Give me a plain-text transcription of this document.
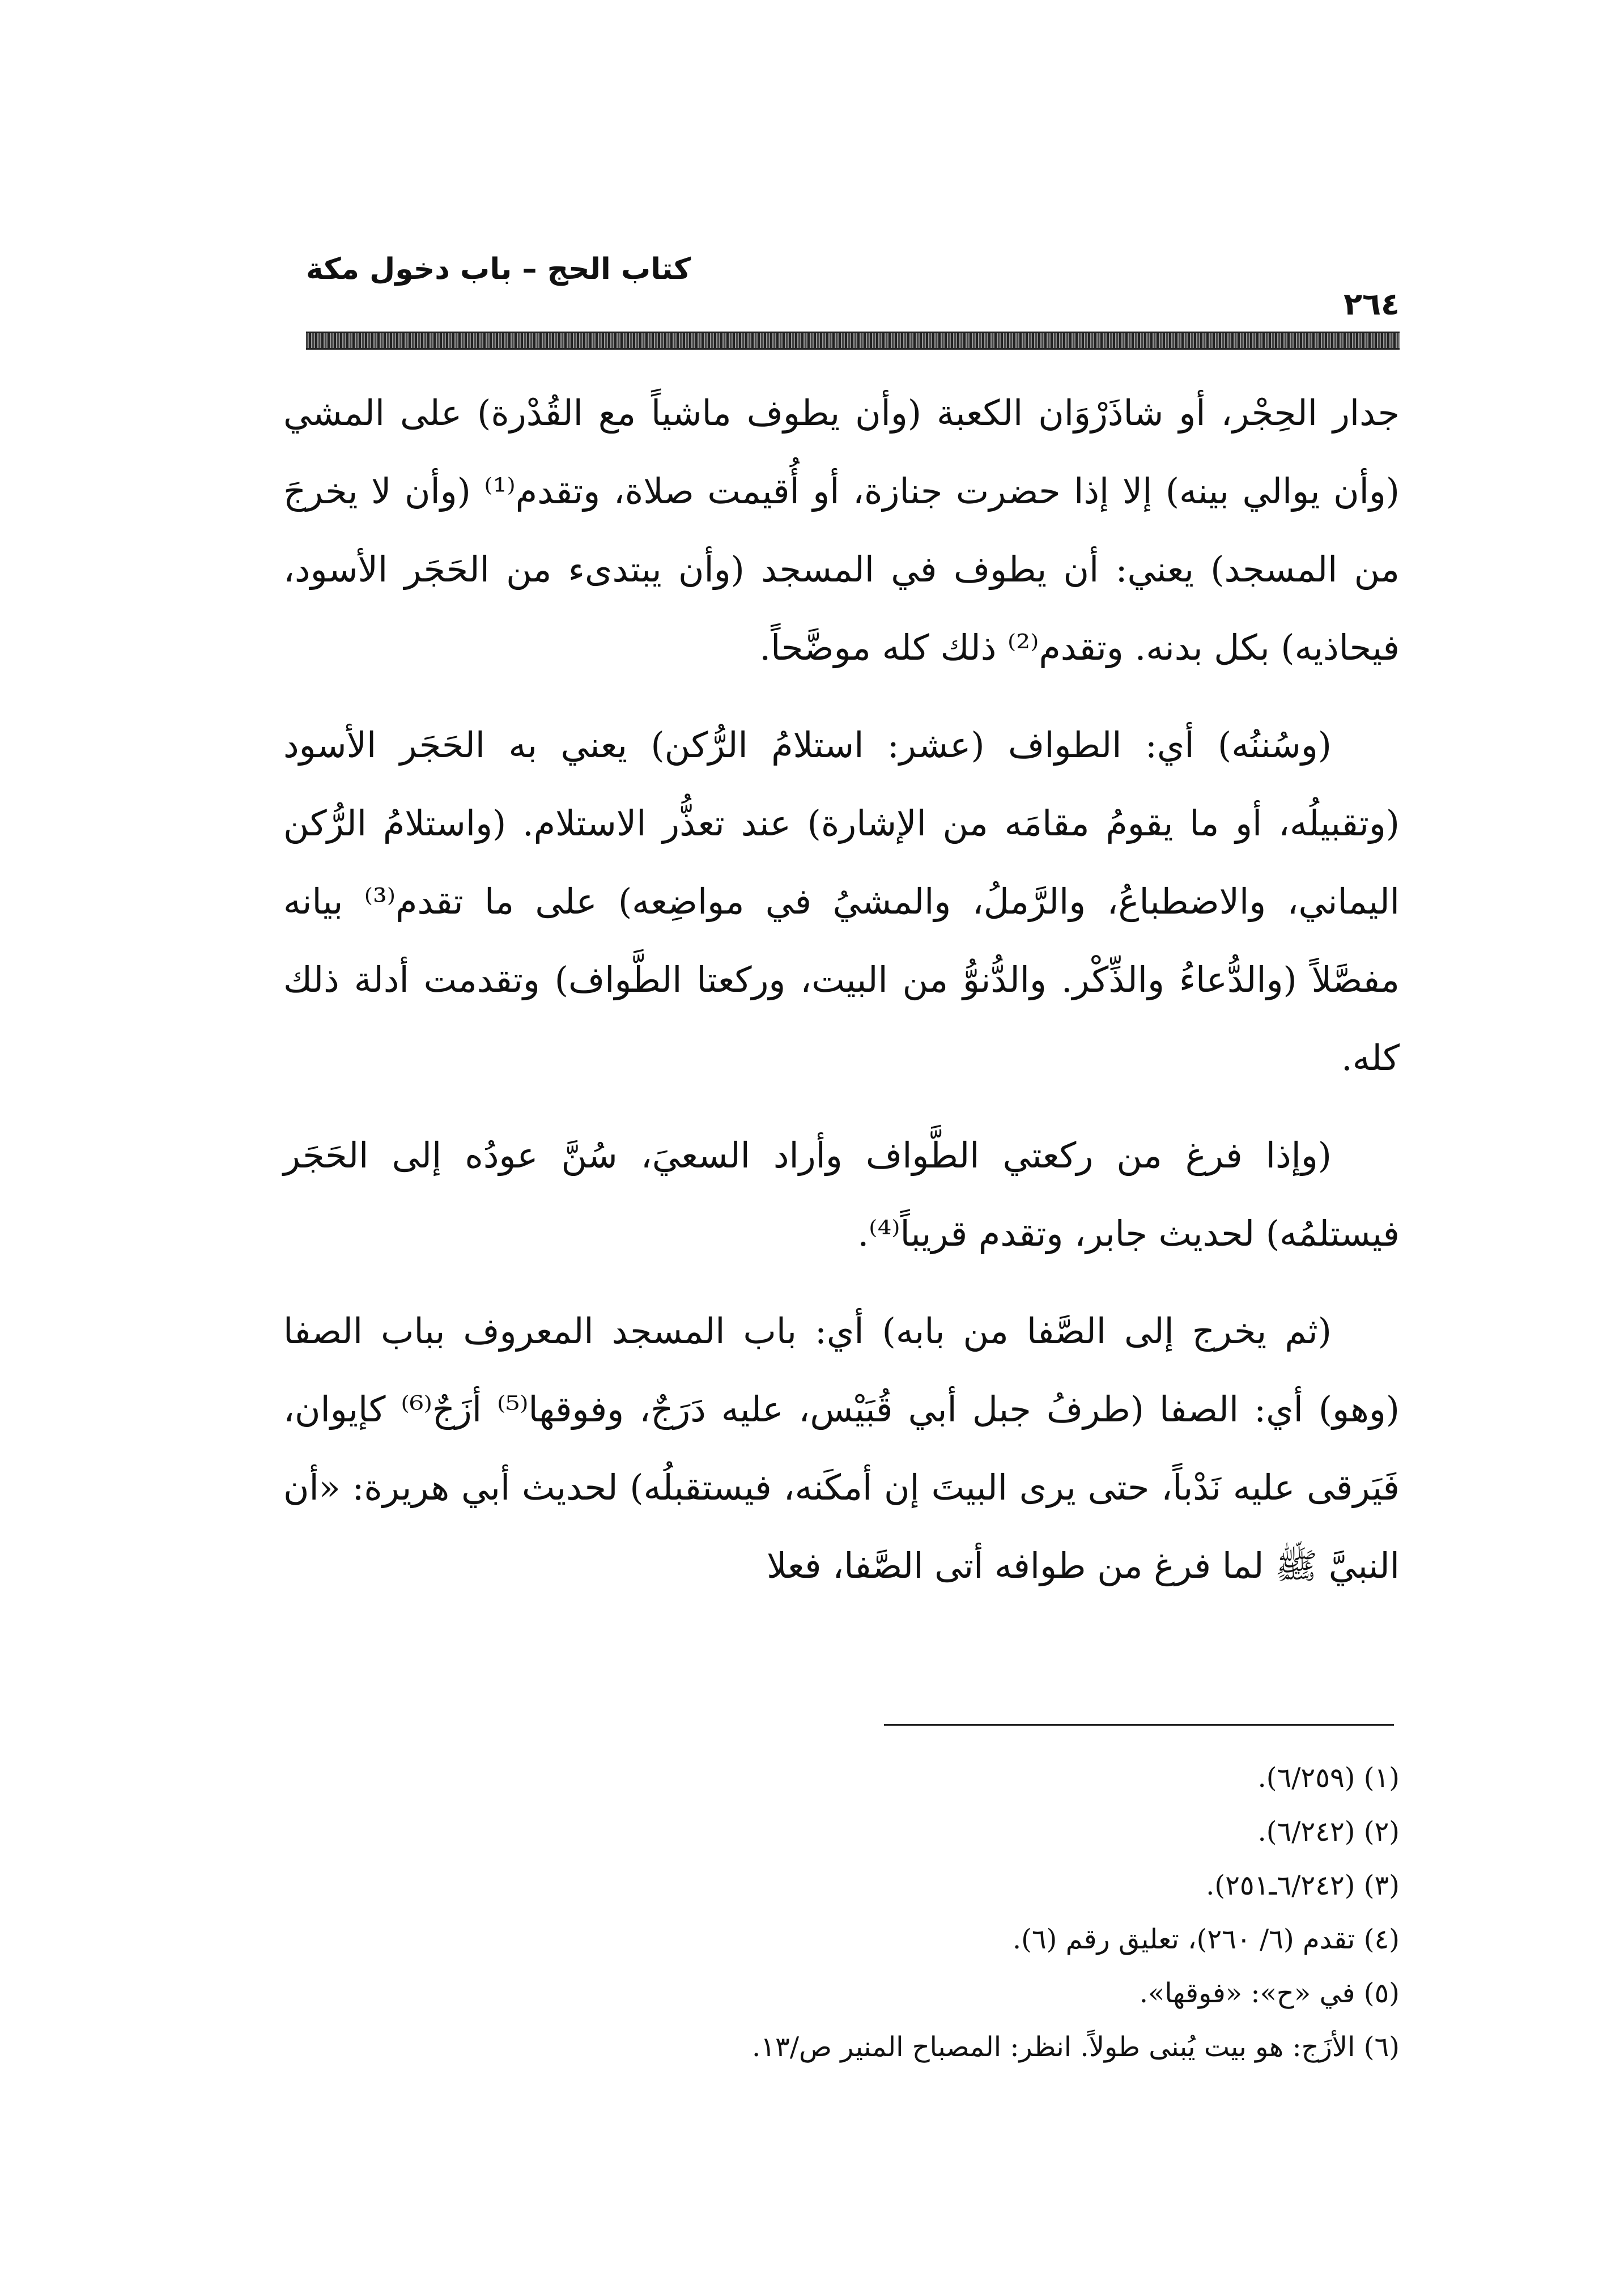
كتاب الحج – باب دخول مكة
٢٦٤

جدار الحِجْر، أو شاذَرْوَان الكعبة (وأن يطوف ماشياً مع القُدْرة) على المشي (وأن يوالي بينه) إلا إذا حضرت جنازة، أو أُقيمت صلاة، وتقدم⁽¹⁾ (وأن لا يخرجَ من المسجد) يعني: أن يطوف في المسجد (وأن يبتدىء من الحَجَر الأسود، فيحاذيه) بكل بدنه. وتقدم⁽²⁾ ذلك كله موضَّحاً.

(وسُننُه) أي: الطواف (عشر: استلامُ الرُّكن) يعني به الحَجَر الأسود (وتقبيلُه، أو ما يقومُ مقامَه من الإشارة) عند تعذُّر الاستلام. (واستلامُ الرُّكن اليماني، والاضطباعُ، والرَّملُ، والمشيُ في مواضِعه) على ما تقدم⁽³⁾ بيانه مفصَّلاً (والدُّعاءُ والذِّكْر. والدُّنوُّ من البيت، وركعتا الطَّواف) وتقدمت أدلة ذلك كله.

(وإذا فرغ من ركعتي الطَّواف وأراد السعيَ، سُنَّ عودُه إلى الحَجَر فيستلمُه) لحديث جابر، وتقدم قريباً⁽⁴⁾.

(ثم يخرج إلى الصَّفا من بابه) أي: باب المسجد المعروف بباب الصفا (وهو) أي: الصفا (طرفُ جبل أبي قُبَيْس، عليه دَرَجٌ، وفوقها⁽⁵⁾ أزَجٌ⁽⁶⁾ كإيوان، فَيَرقى عليه نَدْباً، حتى يرى البيتَ إن أمكَنه، فيستقبلُه) لحديث أبي هريرة: «أن النبيَّ ﷺ لما فرغ من طوافه أتى الصَّفا، فعلا

(١) (٦/٢٥٩).
(٢) (٦/٢٤٢).
(٣) (٦/٢٤٢ـ٢٥١).
(٤) تقدم (٦/ ٢٦٠)، تعليق رقم (٦).
(٥) في «ح»: «فوقها».
(٦) الأزَج: هو بيت يُبنى طولاً. انظر: المصباح المنير ص/١٣.
